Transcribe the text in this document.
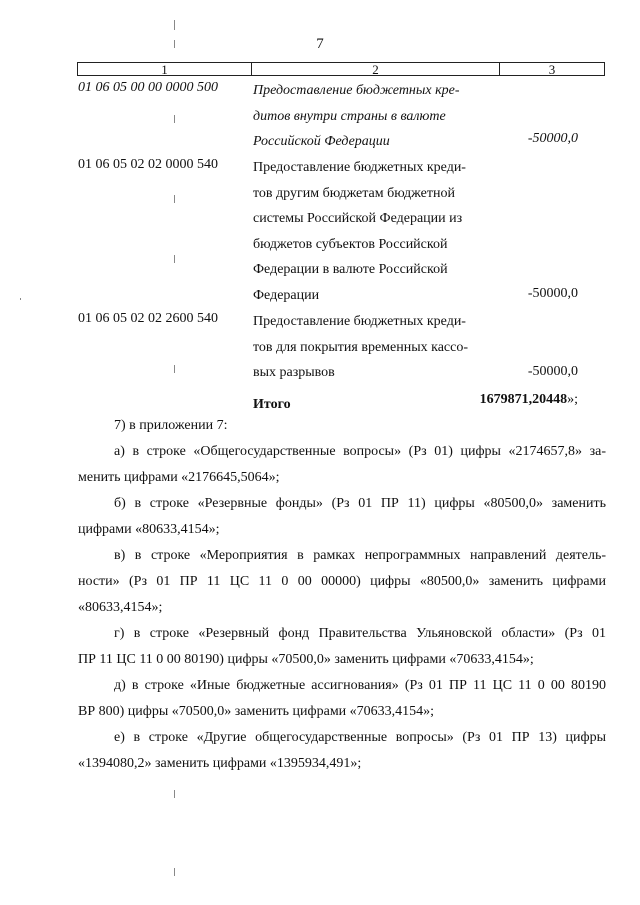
7
1	2	3
01 06 05 00 00 0000 500	Предоставление бюджетных кре-
дитов внутри страны в валюте
Российской Федерации	-50000,0
01 06 05 02 02 0000 540	Предоставление бюджетных креди-
тов другим бюджетам бюджетной
системы Российской Федерации из
бюджетов субъектов Российской
Федерации в валюте Российской
Федерации	-50000,0
01 06 05 02 02 2600 540	Предоставление бюджетных креди-
тов для покрытия временных кассо-
вых разрывов	-50000,0
Итого	1679871,20448»;
7) в приложении 7:
а) в строке «Общегосударственные вопросы» (Рз 01) цифры «2174657,8» за-
менить цифрами «2176645,5064»;
б) в строке «Резервные фонды» (Рз 01 ПР 11) цифры «80500,0» заменить
цифрами «80633,4154»;
в) в строке «Мероприятия в рамках непрограммных направлений деятель-
ности» (Рз 01 ПР 11 ЦС 11 0 00 00000) цифры «80500,0» заменить цифрами
«80633,4154»;
г) в строке «Резервный фонд Правительства Ульяновской области» (Рз 01
ПР 11 ЦС 11 0 00 80190) цифры «70500,0» заменить цифрами «70633,4154»;
д) в строке «Иные бюджетные ассигнования» (Рз 01 ПР 11 ЦС 11 0 00 80190
ВР 800) цифры «70500,0» заменить цифрами «70633,4154»;
е) в строке «Другие общегосударственные вопросы» (Рз 01 ПР 13) цифры
«1394080,2» заменить цифрами «1395934,491»;
